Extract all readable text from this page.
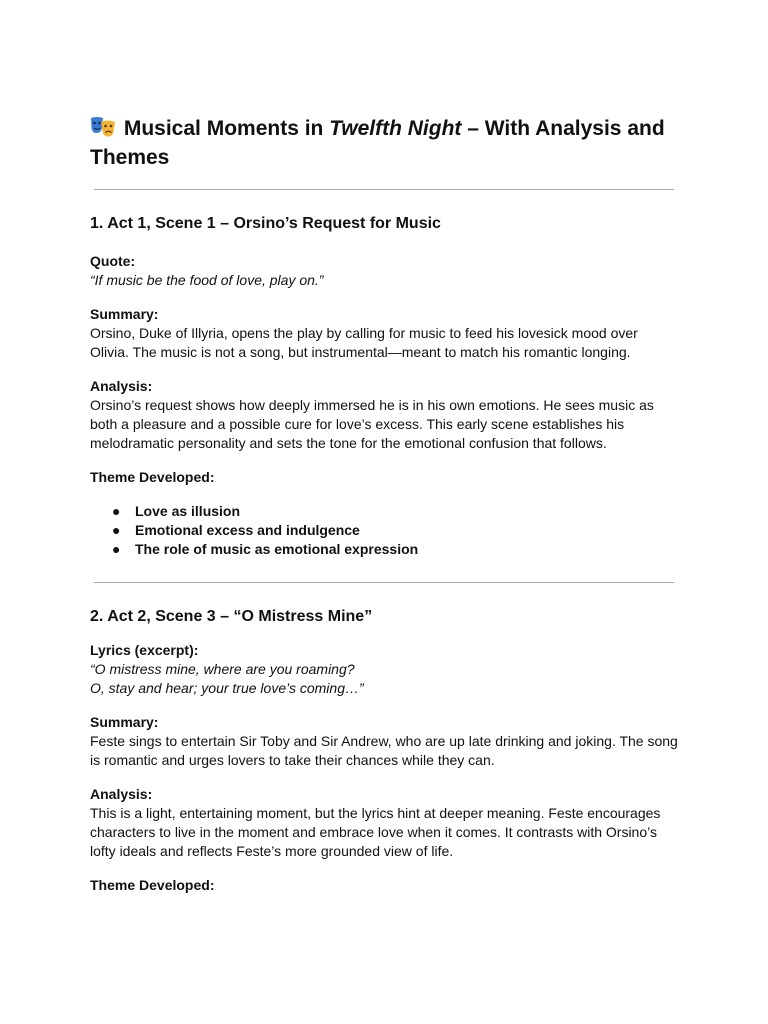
Musical Moments in Twelfth Night – With Analysis and Themes
1. Act 1, Scene 1 – Orsino’s Request for Music

Quote:

“If music be the food of love, play on.”

Summary:

Orsino, Duke of Illyria, opens the play by calling for music to feed his lovesick mood over Olivia. The music is not a song, but instrumental—meant to match his romantic longing.

Analysis:

Orsino’s request shows how deeply immersed he is in his own emotions. He sees music as both a pleasure and a possible cure for love’s excess. This early scene establishes his melodramatic personality and sets the tone for the emotional confusion that follows.

Theme Developed:

● Love as illusion
● Emotional excess and indulgence
● The role of music as emotional expression
2. Act 2, Scene 3 – “O Mistress Mine”

Lyrics (excerpt):

“O mistress mine, where are you roaming?

O, stay and hear; your true love’s coming…”

Summary:

Feste sings to entertain Sir Toby and Sir Andrew, who are up late drinking and joking. The song is romantic and urges lovers to take their chances while they can.

Analysis:

This is a light, entertaining moment, but the lyrics hint at deeper meaning. Feste encourages characters to live in the moment and embrace love when it comes. It contrasts with Orsino’s lofty ideals and reflects Feste’s more grounded view of life.

Theme Developed:
